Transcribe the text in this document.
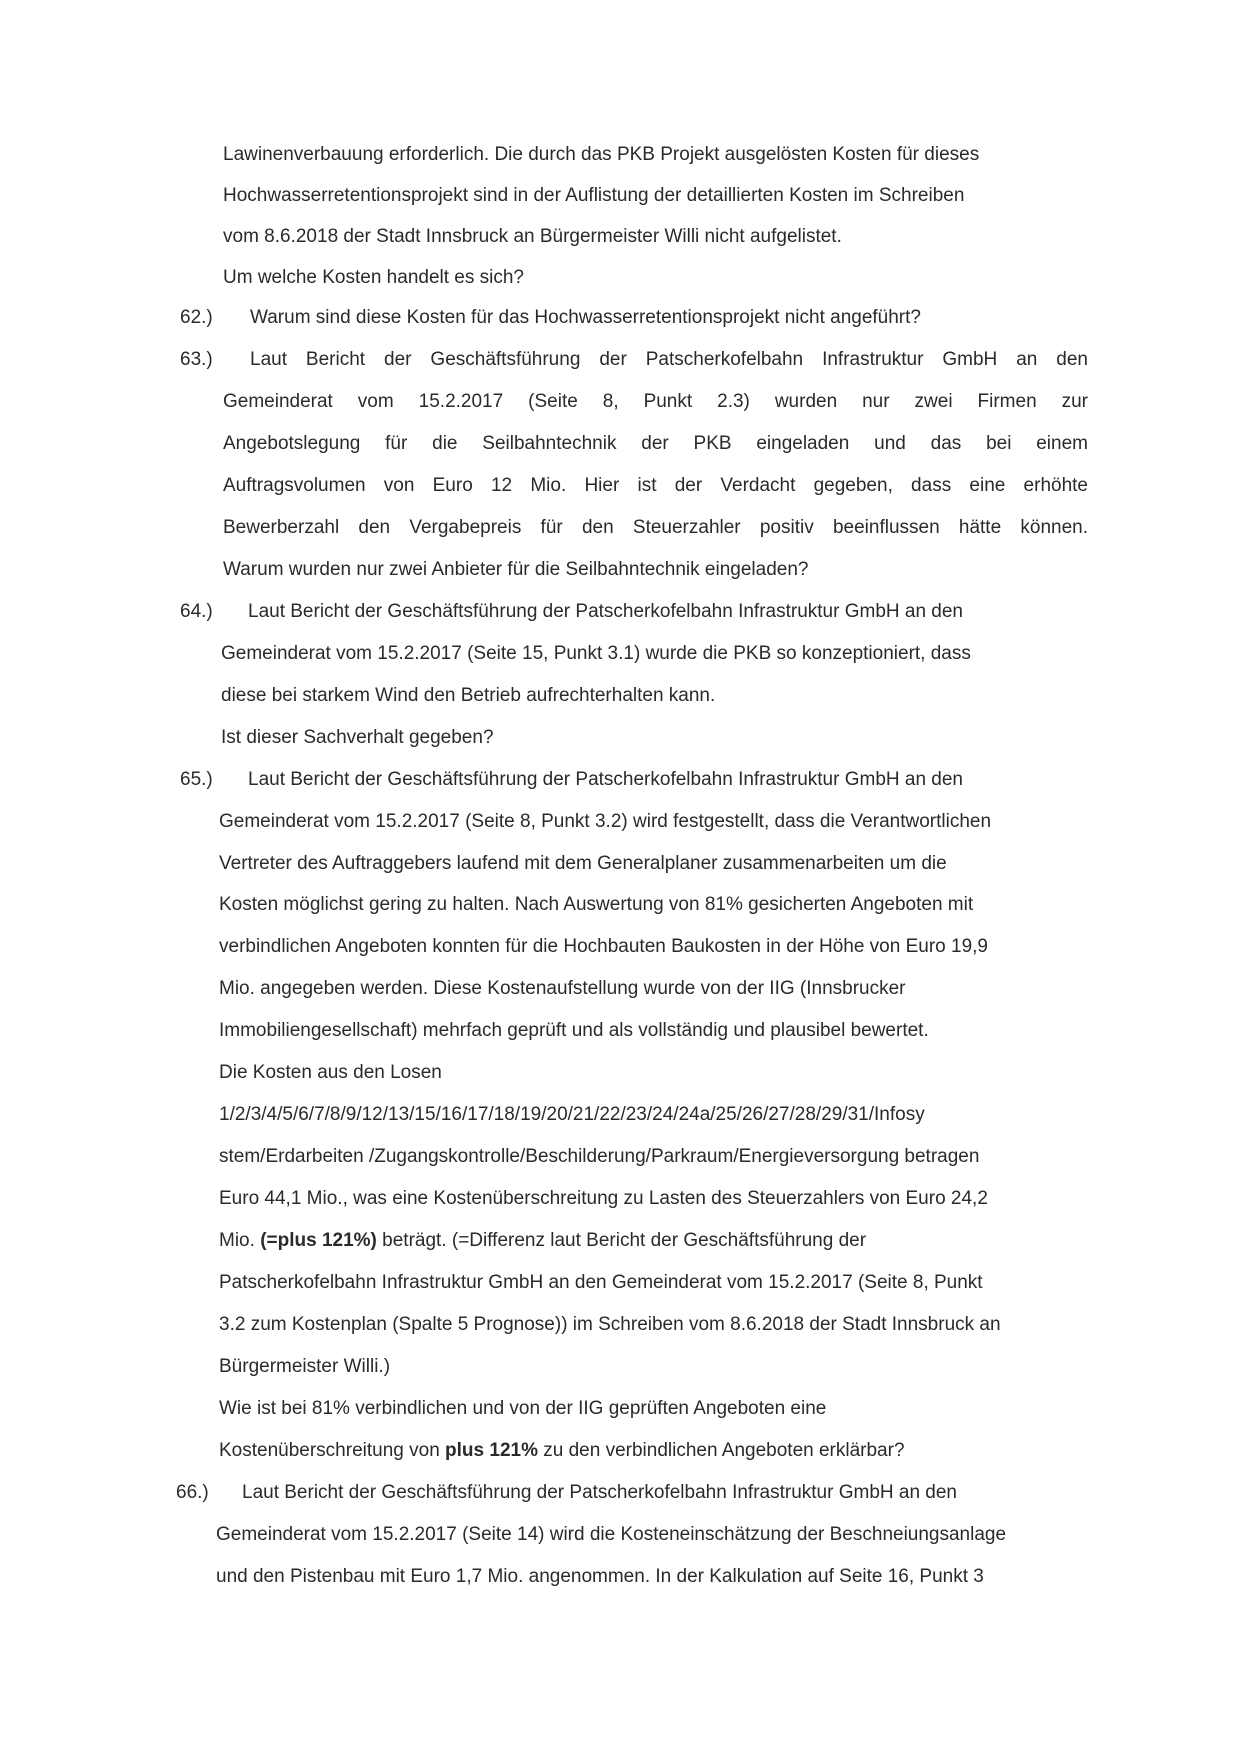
Lawinenverbauung erforderlich. Die durch das PKB Projekt ausgelösten Kosten für dieses
Hochwasserretentionsprojekt sind in der Auflistung der detaillierten Kosten im Schreiben
vom 8.6.2018 der Stadt Innsbruck an Bürgermeister Willi nicht aufgelistet.
Um welche Kosten handelt es sich?
62.) Warum sind diese Kosten für das Hochwasserretentionsprojekt nicht angeführt?
63.) Laut Bericht der Geschäftsführung der Patscherkofelbahn Infrastruktur GmbH an den
Gemeinderat vom 15.2.2017 (Seite 8, Punkt 2.3) wurden nur zwei Firmen zur
Angebotslegung für die Seilbahntechnik der PKB eingeladen und das bei einem
Auftragsvolumen von Euro 12 Mio. Hier ist der Verdacht gegeben, dass eine erhöhte
Bewerberzahl den Vergabepreis für den Steuerzahler positiv beeinflussen hätte können.
Warum wurden nur zwei Anbieter für die Seilbahntechnik eingeladen?
64.) Laut Bericht der Geschäftsführung der Patscherkofelbahn Infrastruktur GmbH an den
Gemeinderat vom 15.2.2017 (Seite 15, Punkt 3.1) wurde die PKB so konzeptioniert, dass
diese bei starkem Wind den Betrieb aufrechterhalten kann.
Ist dieser Sachverhalt gegeben?
65.) Laut Bericht der Geschäftsführung der Patscherkofelbahn Infrastruktur GmbH an den
Gemeinderat vom 15.2.2017 (Seite 8, Punkt 3.2) wird festgestellt, dass die Verantwortlichen
Vertreter des Auftraggebers laufend mit dem Generalplaner zusammenarbeiten um die
Kosten möglichst gering zu halten. Nach Auswertung von 81% gesicherten Angeboten mit
verbindlichen Angeboten konnten für die Hochbauten Baukosten in der Höhe von Euro 19,9
Mio. angegeben werden. Diese Kostenaufstellung wurde von der IIG (Innsbrucker
Immobiliengesellschaft) mehrfach geprüft und als vollständig und plausibel bewertet.
Die Kosten aus den Losen
1/2/3/4/5/6/7/8/9/12/13/15/16/17/18/19/20/21/22/23/24/24a/25/26/27/28/29/31/Infosy
stem/Erdarbeiten /Zugangskontrolle/Beschilderung/Parkraum/Energieversorgung betragen
Euro 44,1 Mio., was eine Kostenüberschreitung zu Lasten des Steuerzahlers von Euro 24,2
Mio. (=plus 121%) beträgt. (=Differenz laut Bericht der Geschäftsführung der
Patscherkofelbahn Infrastruktur GmbH an den Gemeinderat vom 15.2.2017 (Seite 8, Punkt
3.2 zum Kostenplan (Spalte 5 Prognose)) im Schreiben vom 8.6.2018 der Stadt Innsbruck an
Bürgermeister Willi.)
Wie ist bei 81% verbindlichen und von der IIG geprüften Angeboten eine
Kostenüberschreitung von plus 121% zu den verbindlichen Angeboten erklärbar?
66.) Laut Bericht der Geschäftsführung der Patscherkofelbahn Infrastruktur GmbH an den
Gemeinderat vom 15.2.2017 (Seite 14) wird die Kosteneinschätzung der Beschneiungsanlage
und den Pistenbau mit Euro 1,7 Mio. angenommen. In der Kalkulation auf Seite 16, Punkt 3
